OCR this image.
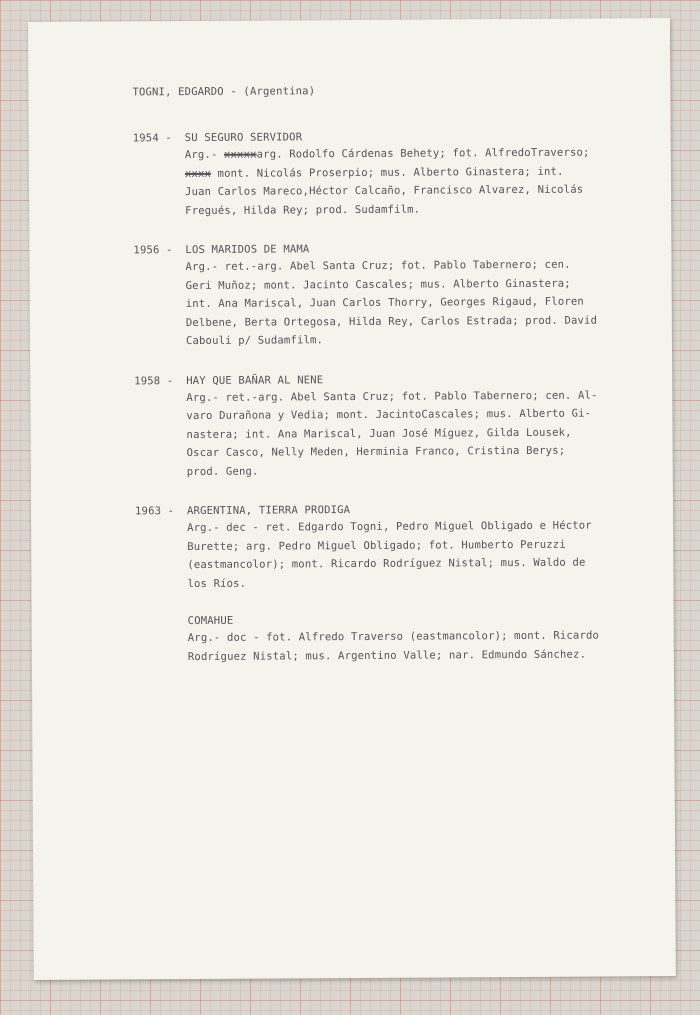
TOGNI, EDGARDO - (Argentina)
1954 -	SU SEGURO SERVIDOR
Arg.- xxxxxarg. Rodolfo Cárdenas Behety; fot. AlfredoTraverso;
xxxx mont. Nicolás Proserpio; mus. Alberto Ginastera; int.
Juan Carlos Mareco,Héctor Calcaño, Francisco Alvarez, Nicolás
Fregués, Hilda Rey; prod. Sudamfilm.
1956 -	LOS MARIDOS DE MAMA
Arg.- ret.-arg. Abel Santa Cruz; fot. Pablo Tabernero; cen.
Geri Muñoz; mont. Jacinto Cascales; mus. Alberto Ginastera;
int. Ana Mariscal, Juan Carlos Thorry, Georges Rigaud, Floren
Delbene, Berta Ortegosa, Hilda Rey, Carlos Estrada; prod. David
Cabouli p/ Sudamfilm.
1958 -	HAY QUE BAÑAR AL NENE
Arg.- ret.-arg. Abel Santa Cruz; fot. Pablo Tabernero; cen. Al-
varo Durañona y Vedia; mont. JacintoCascales; mus. Alberto Gi-
nastera; int. Ana Mariscal, Juan José Míguez, Gilda Lousek,
Oscar Casco, Nelly Meden, Herminia Franco, Cristina Berys;
prod. Geng.
1963 -	ARGENTINA, TIERRA PRODIGA
Arg.- dec - ret. Edgardo Togni, Pedro Miguel Obligado e Héctor
Burette; arg. Pedro Miguel Obligado; fot. Humberto Peruzzi
(eastmancolor); mont. Ricardo Rodríguez Nistal; mus. Waldo de
los Ríos.
COMAHUE
Arg.- doc - fot. Alfredo Traverso (eastmancolor); mont. Ricardo
Rodríguez Nistal; mus. Argentino Valle; nar. Edmundo Sánchez.
